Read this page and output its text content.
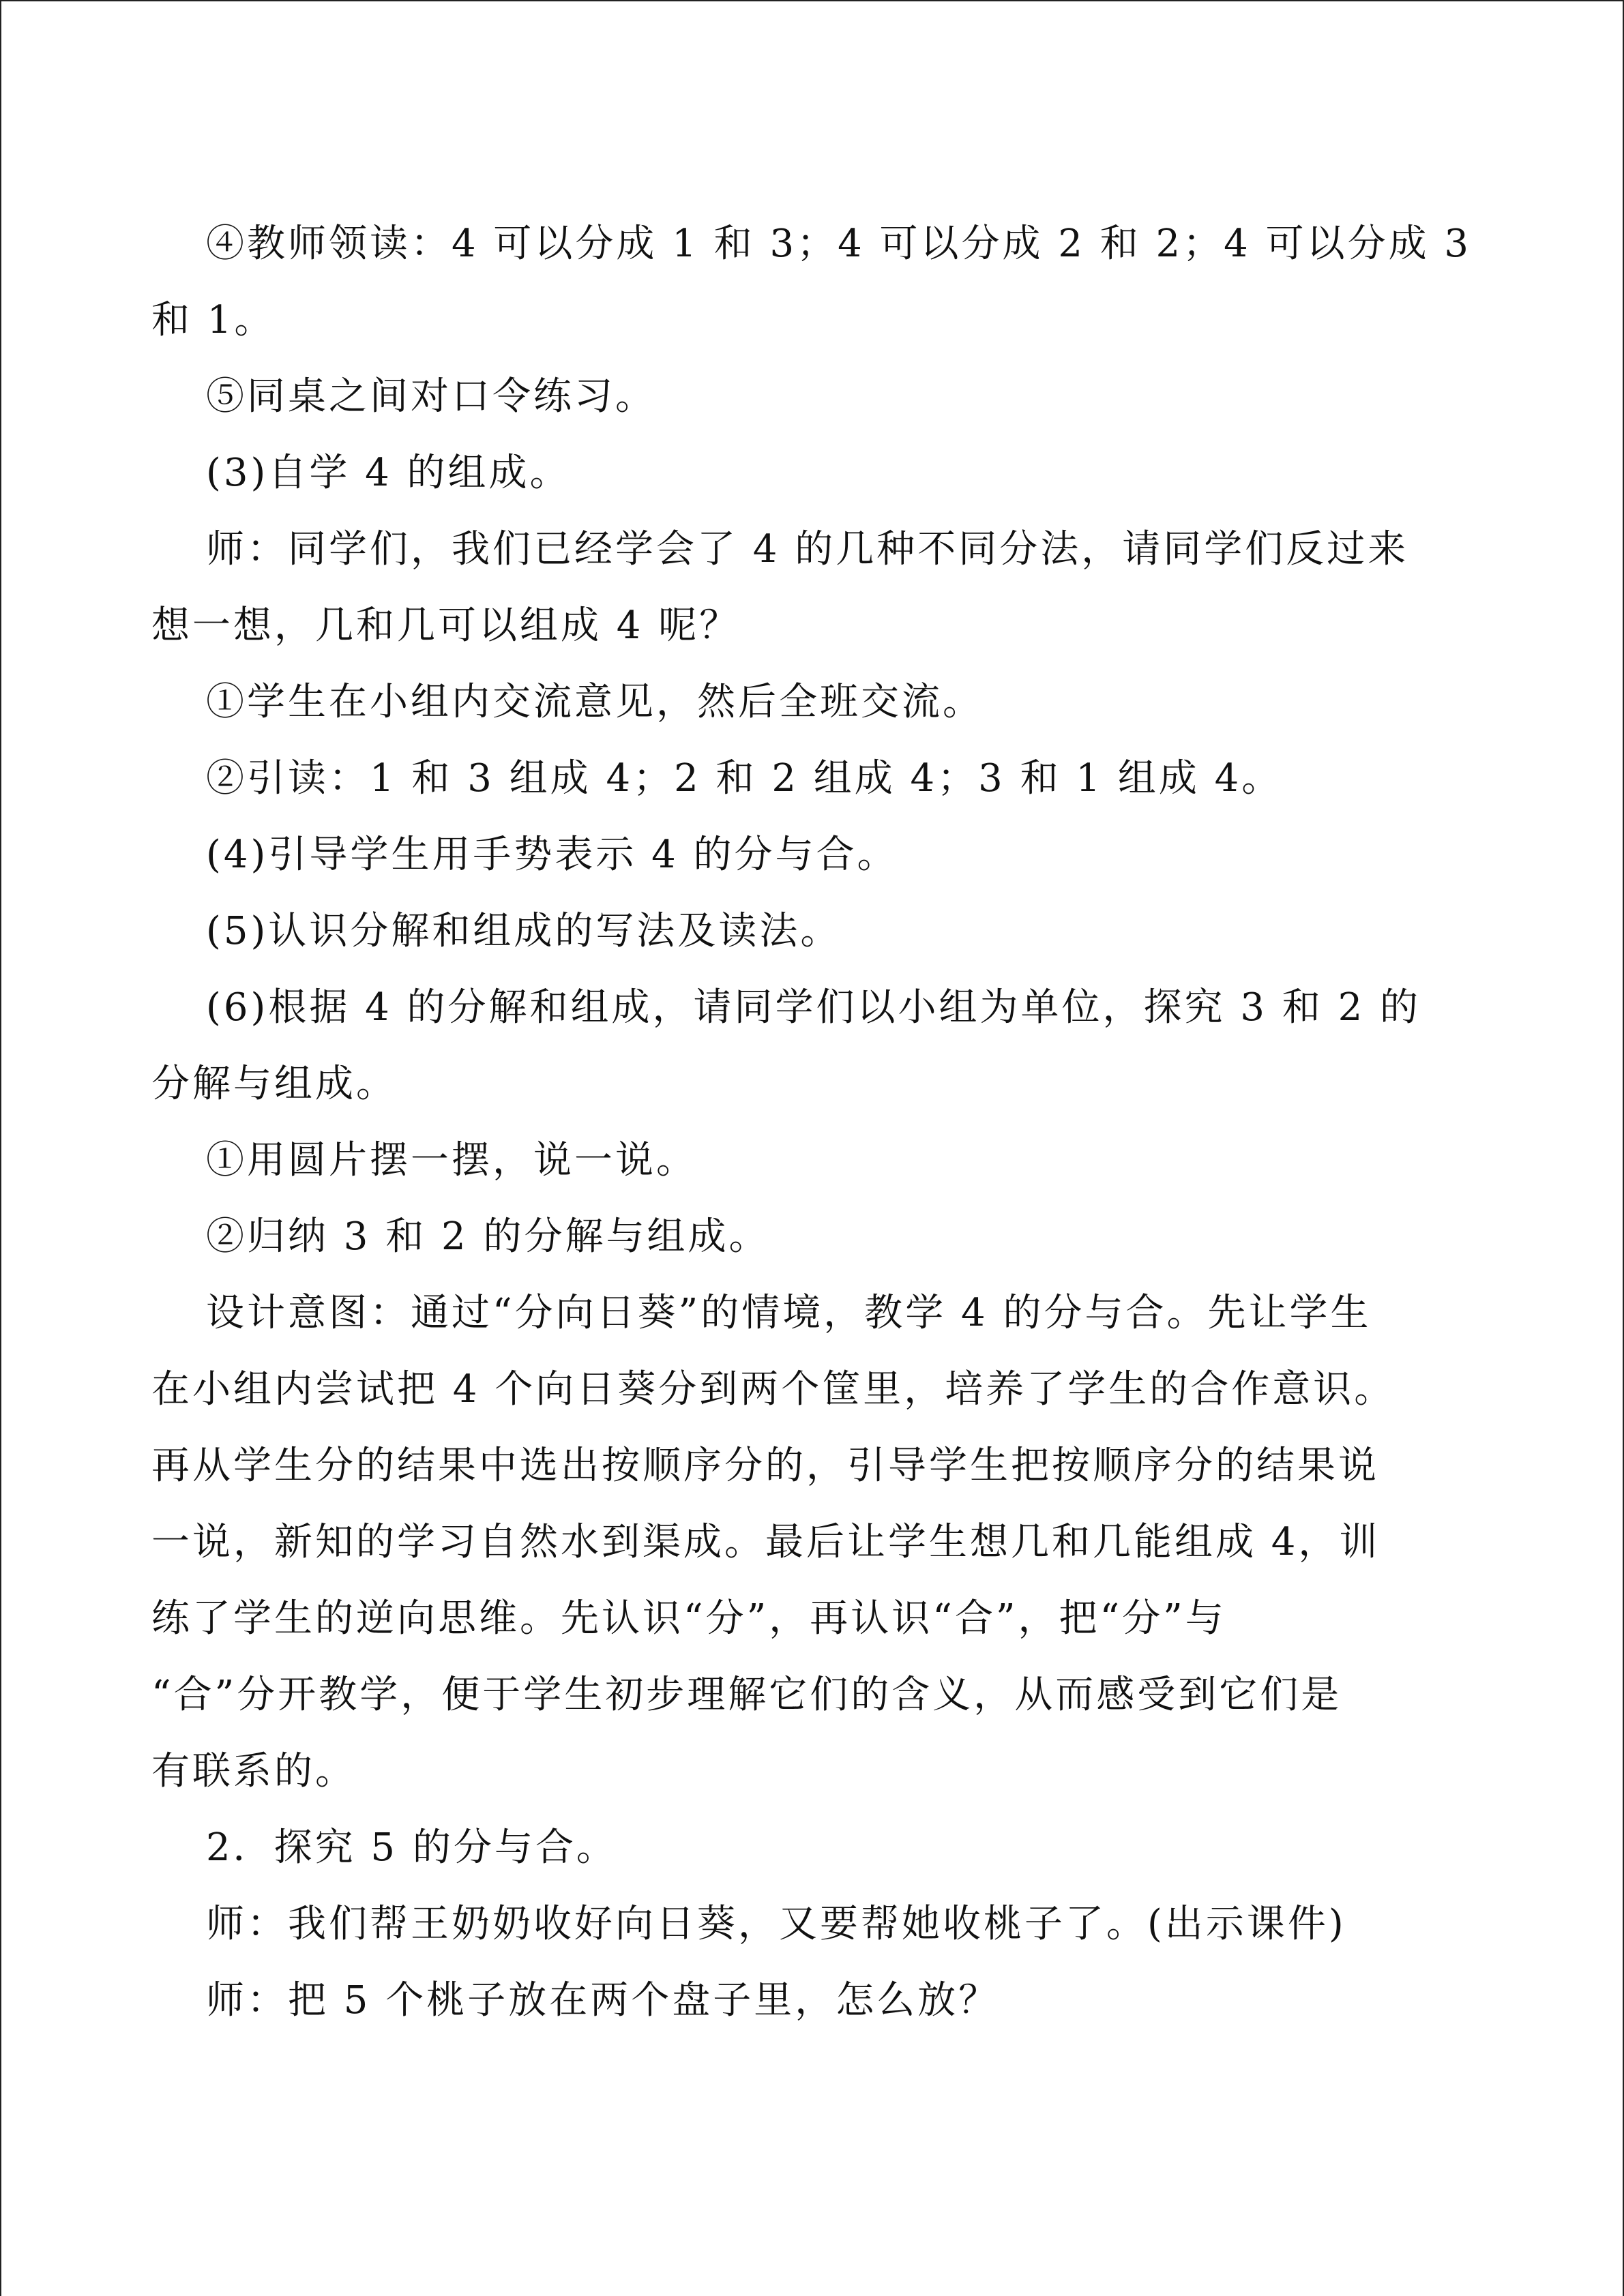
④教师领读：4 可以分成 1 和 3；4 可以分成 2 和 2；4 可以分成 3
和 1。
⑤同桌之间对口令练习。
(3)自学 4 的组成。
师：同学们，我们已经学会了 4 的几种不同分法，请同学们反过来
想一想，几和几可以组成 4 呢？
①学生在小组内交流意见，然后全班交流。
②引读：1 和 3 组成 4；2 和 2 组成 4；3 和 1 组成 4。
(4)引导学生用手势表示 4 的分与合。
(5)认识分解和组成的写法及读法。
(6)根据 4 的分解和组成，请同学们以小组为单位，探究 3 和 2 的
分解与组成。
①用圆片摆一摆，说一说。
②归纳 3 和 2 的分解与组成。
设计意图：通过“分向日葵”的情境，教学 4 的分与合。先让学生
在小组内尝试把 4 个向日葵分到两个筐里，培养了学生的合作意识。
再从学生分的结果中选出按顺序分的，引导学生把按顺序分的结果说
一说，新知的学习自然水到渠成。最后让学生想几和几能组成 4，训
练了学生的逆向思维。先认识“分”，再认识“合”，把“分”与
“合”分开教学，便于学生初步理解它们的含义，从而感受到它们是
有联系的。
2．探究 5 的分与合。
师：我们帮王奶奶收好向日葵，又要帮她收桃子了。(出示课件)
师：把 5 个桃子放在两个盘子里，怎么放？
